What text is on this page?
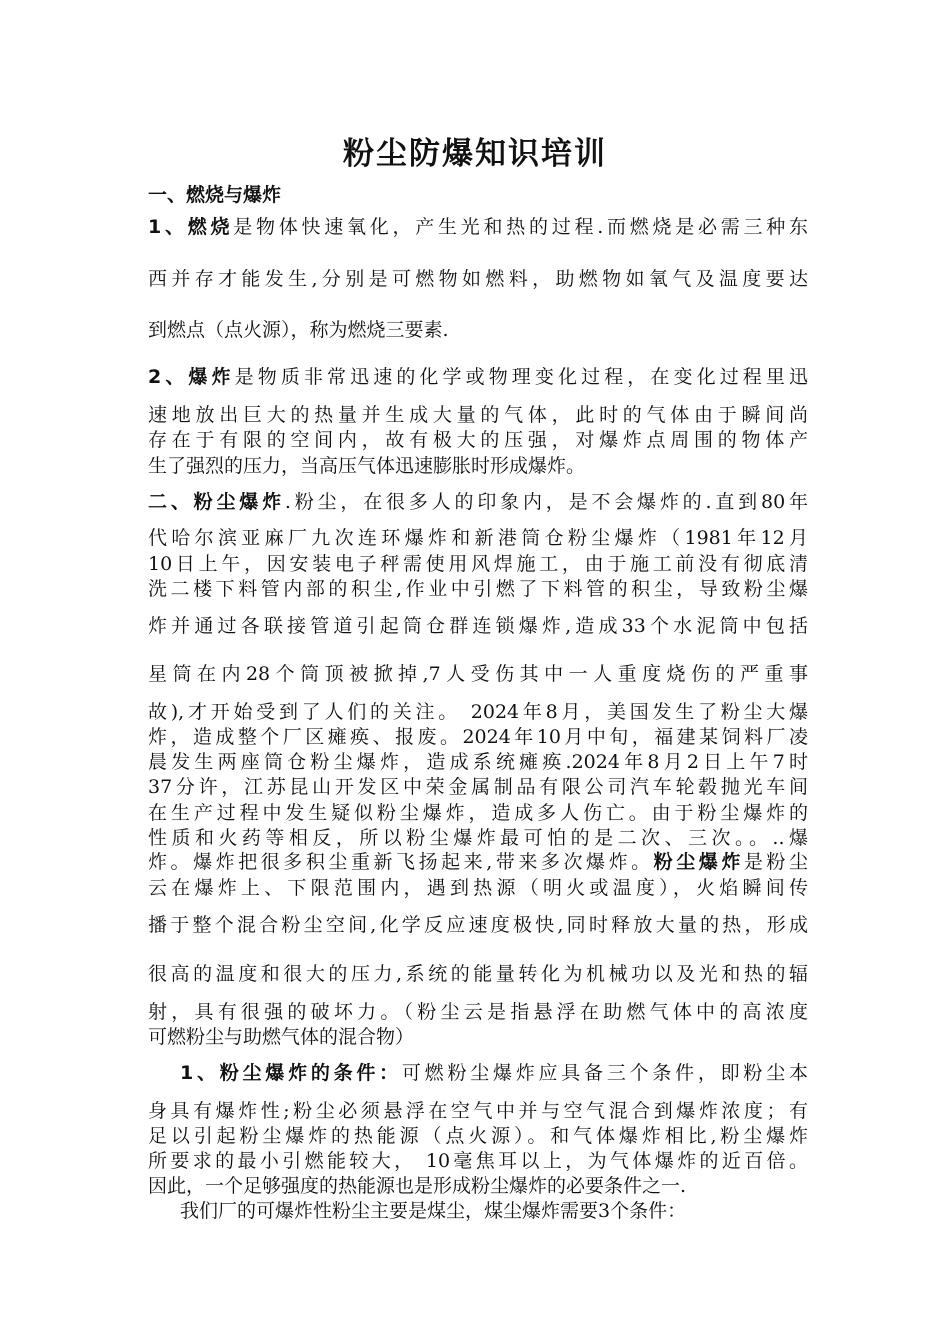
粉尘防爆知识培训
一、燃烧与爆炸
1、燃烧是物体快速氧化，产生光和热的过程.而燃烧是必需三种东
西并存才能发生,分别是可燃物如燃料，助燃物如氧气及温度要达
到燃点（点火源），称为燃烧三要素.
2、爆炸是物质非常迅速的化学或物理变化过程，在变化过程里迅
速地放出巨大的热量并生成大量的气体，此时的气体由于瞬间尚
存在于有限的空间内，故有极大的压强，对爆炸点周围的物体产
生了强烈的压力，当高压气体迅速膨胀时形成爆炸。
二、粉尘爆炸.粉尘，在很多人的印象内，是不会爆炸的.直到80年
代哈尔滨亚麻厂九次连环爆炸和新港筒仓粉尘爆炸（1981年12月
10日上午，因安装电子秤需使用风焊施工，由于施工前没有彻底清
洗二楼下料管内部的积尘,作业中引燃了下料管的积尘，导致粉尘爆
炸并通过各联接管道引起筒仓群连锁爆炸,造成33个水泥筒中包括
星筒在内28个筒顶被掀掉,7人受伤其中一人重度烧伤的严重事
故),才开始受到了人们的关注。 2024年8月，美国发生了粉尘大爆
炸，造成整个厂区瘫痪、报废。2024年10月中旬，福建某饲料厂凌
晨发生两座筒仓粉尘爆炸，造成系统瘫痪.2024年8月2日上午7时
37分许，江苏昆山开发区中荣金属制品有限公司汽车轮毂抛光车间
在生产过程中发生疑似粉尘爆炸，造成多人伤亡。由于粉尘爆炸的
性质和火药等相反，所以粉尘爆炸最可怕的是二次、三次。。..爆
炸。爆炸把很多积尘重新飞扬起来,带来多次爆炸。粉尘爆炸是粉尘
云在爆炸上、下限范围内，遇到热源（明火或温度），火焰瞬间传
播于整个混合粉尘空间,化学反应速度极快,同时释放大量的热，形成
很高的温度和很大的压力,系统的能量转化为机械功以及光和热的辐
射，具有很强的破坏力。（粉尘云是指悬浮在助燃气体中的高浓度
可燃粉尘与助燃气体的混合物）
1、粉尘爆炸的条件：可燃粉尘爆炸应具备三个条件，即粉尘本
身具有爆炸性;粉尘必须悬浮在空气中并与空气混合到爆炸浓度；有
足以引起粉尘爆炸的热能源（点火源）。和气体爆炸相比,粉尘爆炸
所要求的最小引燃能较大， 10毫焦耳以上，为气体爆炸的近百倍。
因此，一个足够强度的热能源也是形成粉尘爆炸的必要条件之一.
我们厂的可爆炸性粉尘主要是煤尘，煤尘爆炸需要3个条件：
